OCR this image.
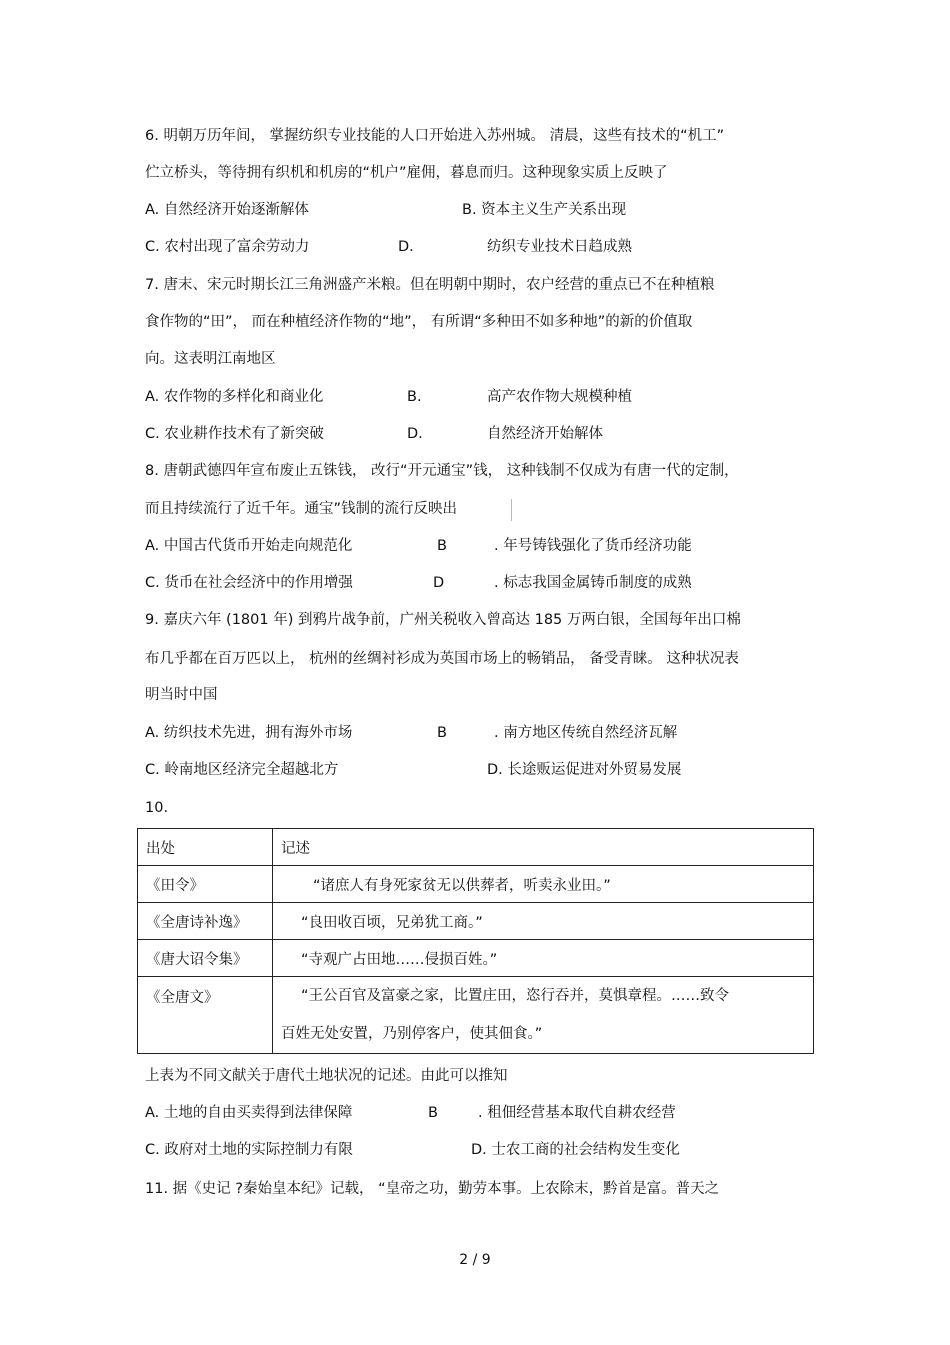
6. 明朝万历年间， 掌握纺织专业技能的人口开始进入苏州城。 清晨，这些有技术的“机工”
伫立桥头，等待拥有织机和机房的“机户”雇佣，暮息而归。这种现象实质上反映了
A. 自然经济开始逐渐解体	B. 资本主义生产关系出现
C. 农村出现了富余劳动力	D.	纺织专业技术日趋成熟
7. 唐末、宋元时期长江三角洲盛产米粮。但在明朝中期时，农户经营的重点已不在种植粮
食作物的“田”， 而在种植经济作物的“地”， 有所谓“多种田不如多种地”的新的价值取
向。这表明江南地区
A. 农作物的多样化和商业化	B.	高产农作物大规模种植
C. 农业耕作技术有了新突破	D.	自然经济开始解体
8. 唐朝武德四年宣布废止五铢钱， 改行“开元通宝”钱， 这种钱制不仅成为有唐一代的定制，
而且持续流行了近千年。通宝”钱制的流行反映出
A. 中国古代货币开始走向规范化	B	. 年号铸钱强化了货币经济功能
C. 货币在社会经济中的作用增强	D	. 标志我国金属铸币制度的成熟
9. 嘉庆六年 (1801 年) 到鸦片战争前，广州关税收入曾高达 185 万两白银，全国每年出口棉
布几乎都在百万匹以上， 杭州的丝绸衬衫成为英国市场上的畅销品， 备受青睐。 这种状况表
明当时中国
A. 纺织技术先进，拥有海外市场	B	. 南方地区传统自然经济瓦解
C. 岭南地区经济完全超越北方	D. 长途贩运促进对外贸易发展
10.
出处	记述
《田令》	“诸庶人有身死家贫无以供葬者，听卖永业田。”
《全唐诗补逸》	“良田收百顷，兄弟犹工商。”
《唐大诏令集》	“寺观广占田地……侵损百姓。”
《全唐文》	“王公百官及富豪之家，比置庄田，恣行吞并，莫惧章程。……致令
百姓无处安置，乃别停客户，使其佃食。”
上表为不同文献关于唐代土地状况的记述。由此可以推知
A. 土地的自由买卖得到法律保障	B	. 租佃经营基本取代自耕农经营
C. 政府对土地的实际控制力有限	D. 士农工商的社会结构发生变化
11. 据《史记 ?秦始皇本纪》记载， “皇帝之功，勤劳本事。上农除末，黔首是富。普天之
2 / 9
